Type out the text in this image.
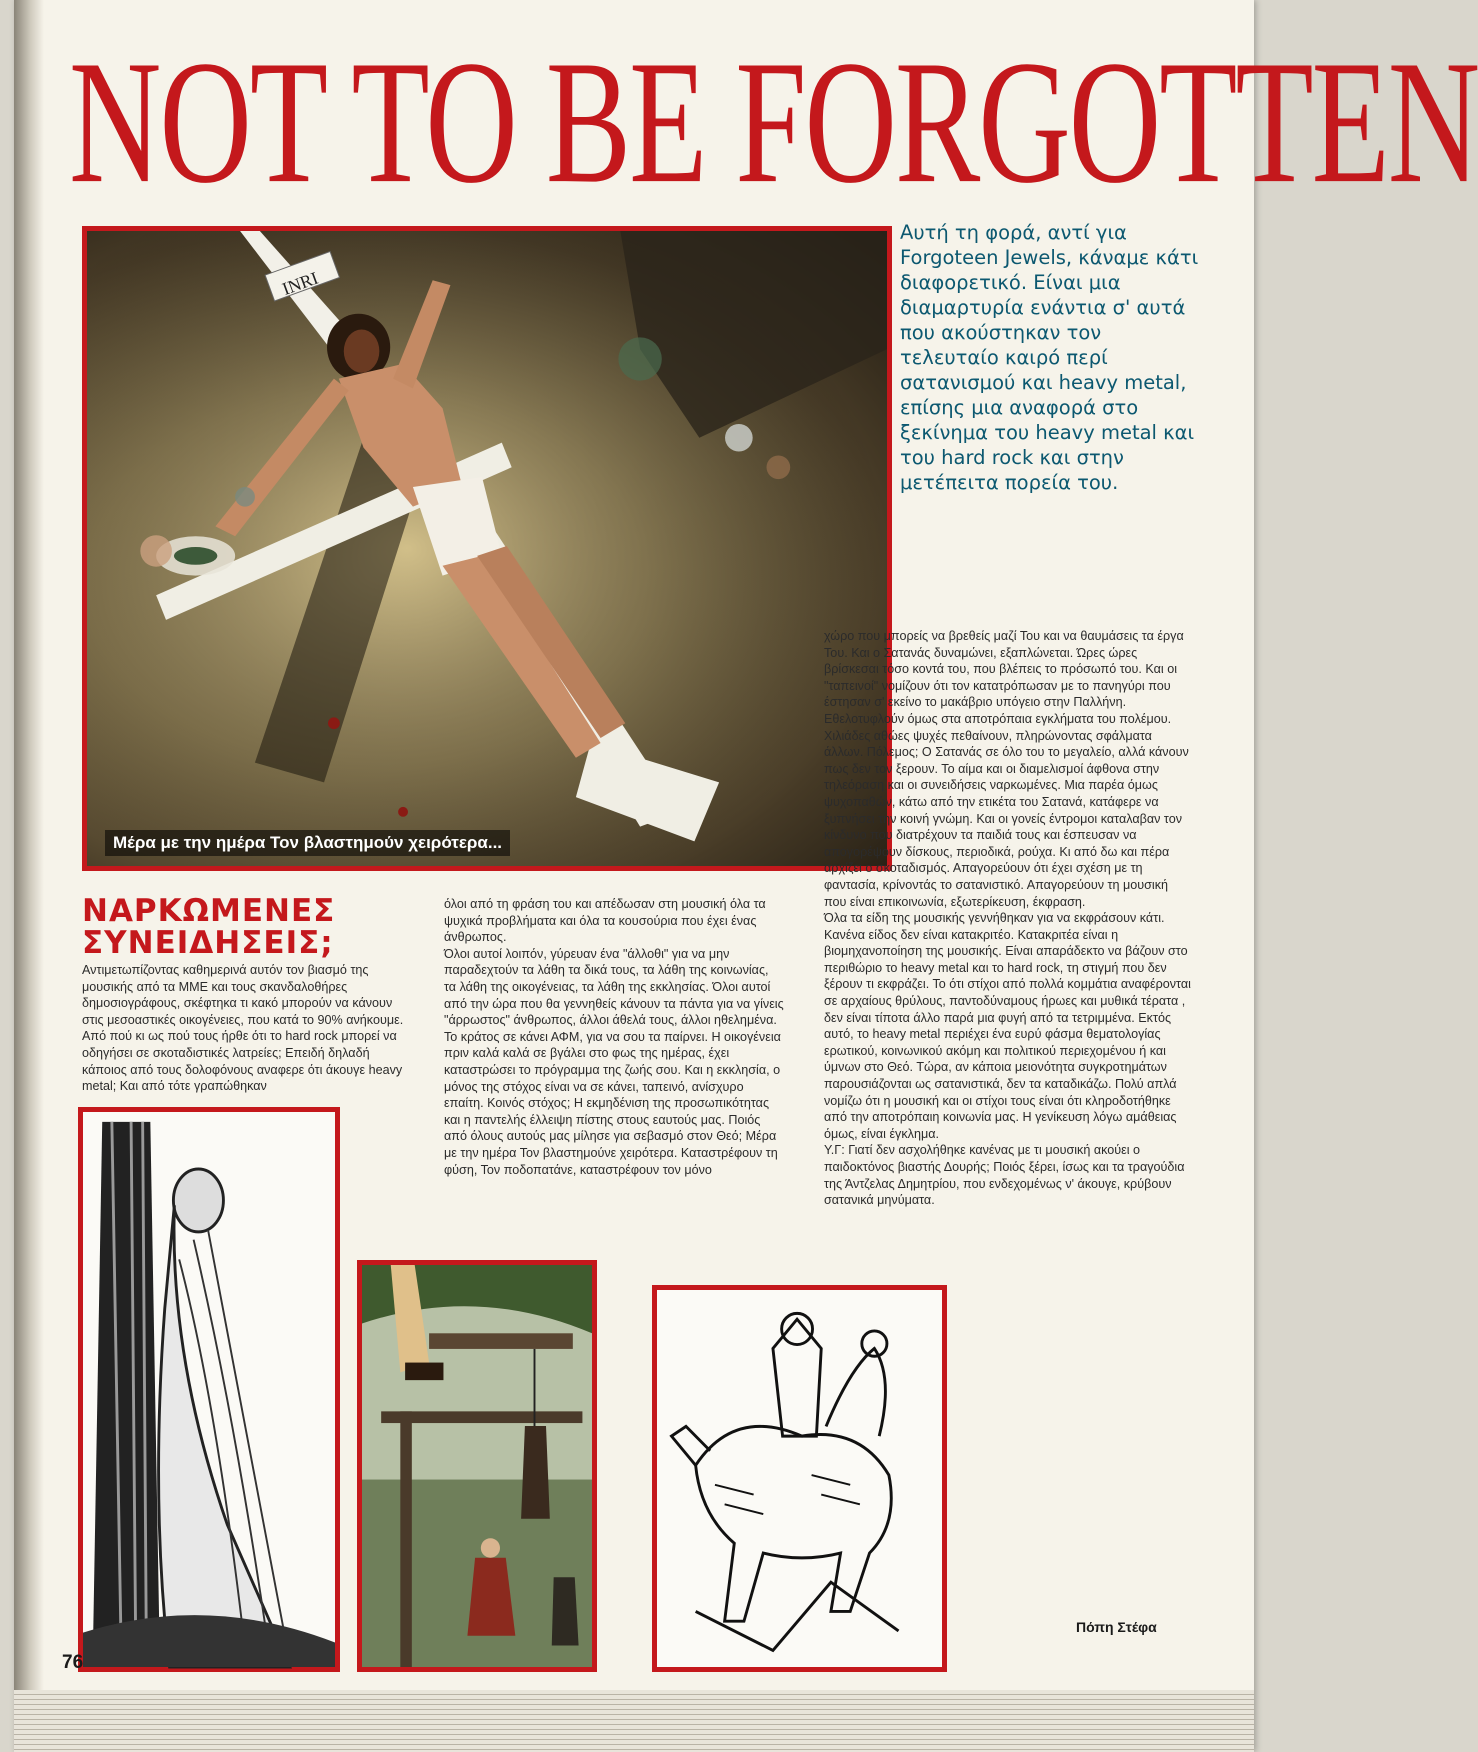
NOT TO BE FORGOTTEN
INRI
Μέρα με την ημέρα Τον βλαστημούν χειρότερα...

Αυτή τη φορά, αντί για Forgoteen Jewels, κάναμε κάτι διαφορετικό. Είναι μια διαμαρτυρία ενάντια σ' αυτά που ακούστηκαν τον τελευταίο καιρό περί σατανισμού και heavy metal, επίσης μια αναφορά στο ξεκίνημα του heavy metal και του hard rock και στην μετέπειτα πορεία του.

ΝΑΡΚΩΜΕΝΕΣ ΣΥΝΕΙΔΗΣΕΙΣ;

Αντιμετωπίζοντας καθημερινά αυτόν τον βιασμό της μουσικής από τα ΜΜΕ και τους σκανδαλοθήρες δημοσιογράφους, σκέφτηκα τι κακό μπορούν να κάνουν στις μεσοαστικές οικογένειες, που κατά το 90% ανήκουμε. Από πού κι ως πού τους ήρθε ότι το hard rock μπορεί να οδηγήσει σε σκοταδιστικές λατρείες; Επειδή δηλαδή κάποιος από τους δολοφόνους αναφερε ότι άκουγε heavy metal; Και από τότε γραπώθηκαν

όλοι από τη φράση του και απέδωσαν στη μουσική όλα τα ψυχικά προβλήματα και όλα τα κουσούρια που έχει ένας άνθρωπος.
Όλοι αυτοί λοιπόν, γύρευαν ένα "άλλοθι" για να μην παραδεχτούν τα λάθη τα δικά τους, τα λάθη της κοινωνίας, τα λάθη της οικογένειας, τα λάθη της εκκλησίας. Όλοι αυτοί από την ώρα που θα γεννηθείς κάνουν τα πάντα για να γίνεις "άρρωστος" άνθρωπος, άλλοι άθελά τους, άλλοι ηθελημένα. Το κράτος σε κάνει ΑΦΜ, για να σου τα παίρνει. Η οικογένεια πριν καλά καλά σε βγάλει στο φως της ημέρας, έχει καταστρώσει το πρόγραμμα της ζωής σου. Και η εκκλησία, ο μόνος της στόχος είναι να σε κάνει, ταπεινό, ανίσχυρο επαίτη. Κοινός στόχος; Η εκμηδένιση της προσωπικότητας και η παντελής έλλειψη πίστης στους εαυτούς μας. Ποιός από όλους αυτούς μας μίλησε για σεβασμό στον Θεό; Μέρα με την ημέρα Τον βλαστημούνε χειρότερα. Καταστρέφουν τη φύση, Τον ποδοπατάνε, καταστρέφουν τον μόνο

χώρο που μπορείς να βρεθείς μαζί Του και να θαυμάσεις τα έργα Του. Και ο Σατανάς δυναμώνει, εξαπλώνεται. Ώρες ώρες βρίσκεσαι τόσο κοντά του, που βλέπεις το πρόσωπό του. Και οι "ταπεινοί" νομίζουν ότι τον κατατρόπωσαν με το πανηγύρι που έστησαν σ' εκείνο το μακάβριο υπόγειο στην Παλλήνη.
Εθελοτυφλούν όμως στα αποτρόπαια εγκλήματα του πολέμου. Χιλιάδες αθώες ψυχές πεθαίνουν, πληρώνοντας σφάλματα άλλων. Πόλεμος; Ο Σατανάς σε όλο του το μεγαλείο, αλλά κάνουν πως δεν τον ξερουν. Το αίμα και οι διαμελισμοί άφθονα στην τηλεόραση και οι συνειδήσεις ναρκωμένες. Μια παρέα όμως ψυχοπαθών, κάτω από την ετικέτα του Σατανά, κατάφερε να ξυπνήσει την κοινή γνώμη. Και οι γονείς έντρομοι καταλαβαν τον κίνδυνο που διατρέχουν τα παιδιά τους και έσπευσαν να απογορέψουν δίσκους, περιοδικά, ρούχα. Κι από δω και πέρα αρχίζει ο σκοταδισμός. Απαγορεύουν ότι έχει σχέση με τη φαντασία, κρίνοντάς το σατανιστικό. Απαγορεύουν τη μουσική που είναι επικοινωνία, εξωτερίκευση, έκφραση.
Όλα τα είδη της μουσικής γεννήθηκαν για να εκφράσουν κάτι. Κανένα είδος δεν είναι κατακριτέο. Κατακριτέα είναι η βιομηχανοποίηση της μουσικής. Είναι απαράδεκτο να βάζουν στο περιθώριο το heavy metal και το hard rock, τη στιγμή που δεν ξέρουν τι εκφράζει. Το ότι στίχοι από πολλά κομμάτια αναφέρονται σε αρχαίους θρύλους, παντοδύναμους ήρωες και μυθικά τέρατα , δεν είναι τίποτα άλλο παρά μια φυγή από τα τετριμμένα. Εκτός αυτό, το heavy metal περιέχει ένα ευρύ φάσμα θεματολογίας ερωτικού, κοινωνικού ακόμη και πολιτικού περιεχομένου ή και ύμνων στο Θεό. Τώρα, αν κάποια μειονότητα συγκροτημάτων παρουσιάζονται ως σατανιστικά, δεν τα καταδικάζω. Πολύ απλά νομίζω ότι η μουσική και οι στίχοι τους είναι ότι κληροδοτήθηκε από την αποτρόπαιη κοινωνία μας. Η γενίκευση λόγω αμάθειας όμως, είναι έγκλημα.
Υ.Γ: Γιατί δεν ασχολήθηκε κανένας με τι μουσική ακούει ο παιδοκτόνος βιαστής Δουρής; Ποιός ξέρει, ίσως και τα τραγούδια της Άντζελας Δημητρίου, που ενδεχομένως ν' άκουγε, κρύβουν σατανικά μηνύματα.

Πόπη Στέφα

76
